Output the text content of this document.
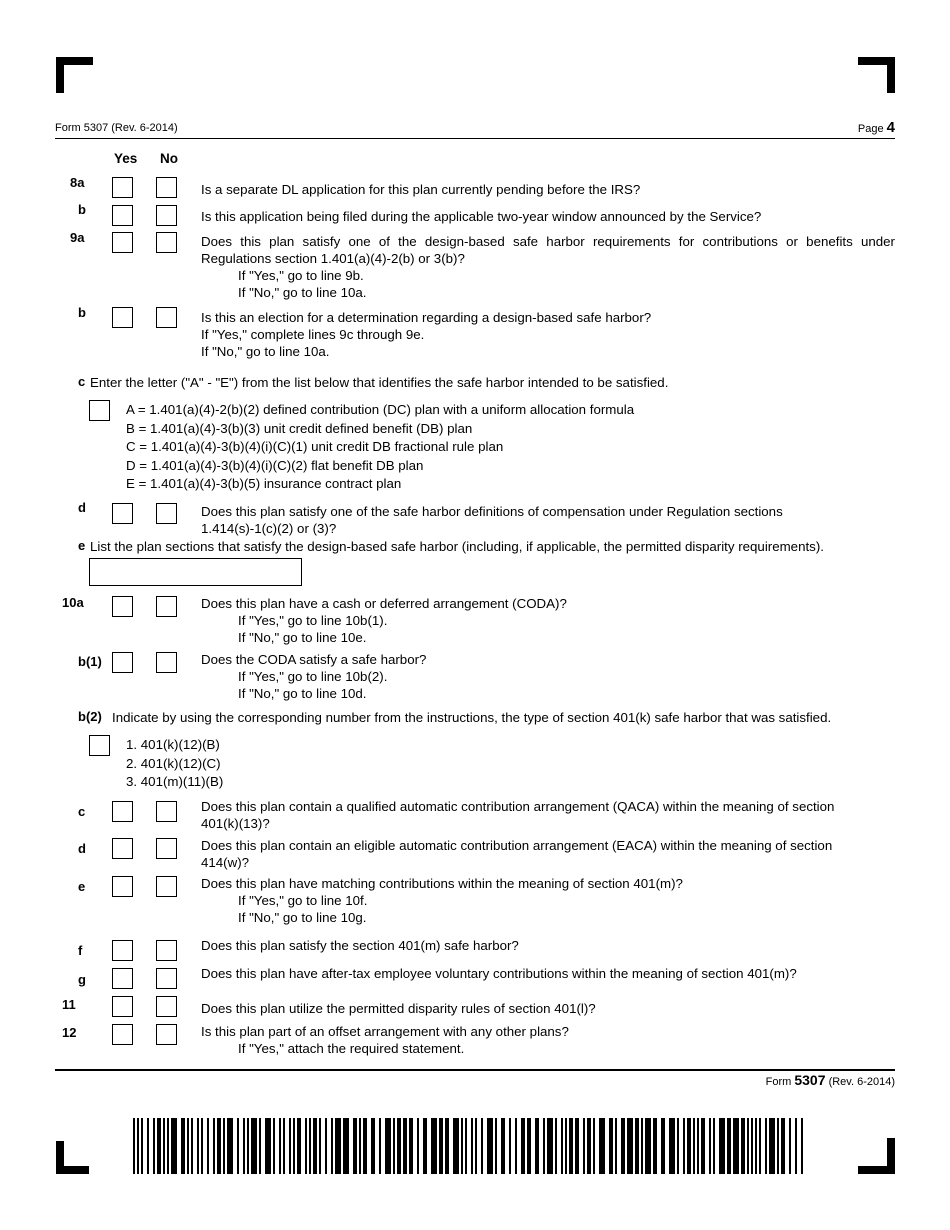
Form 5307 (Rev. 6-2014)	Page 4
Yes No
8a	Is a separate DL application for this plan currently pending before the IRS?
b	Is this application being filed during the applicable two-year window announced by the Service?
9a	Does this plan satisfy one of the design-based safe harbor requirements for contributions or benefits under Regulations section 1.401(a)(4)-2(b) or 3(b)?
If "Yes," go to line 9b.
If "No," go to line 10a.
b	Is this an election for a determination regarding a design-based safe harbor?
If "Yes," complete lines 9c through 9e.
If "No," go to line 10a.
c Enter the letter ("A" - "E") from the list below that identifies the safe harbor intended to be satisfied.
A = 1.401(a)(4)-2(b)(2) defined contribution (DC) plan with a uniform allocation formula
B = 1.401(a)(4)-3(b)(3) unit credit defined benefit (DB) plan
C = 1.401(a)(4)-3(b)(4)(i)(C)(1) unit credit DB fractional rule plan
D = 1.401(a)(4)-3(b)(4)(i)(C)(2) flat benefit DB plan
E = 1.401(a)(4)-3(b)(5) insurance contract plan
d	Does this plan satisfy one of the safe harbor definitions of compensation under Regulation sections 1.414(s)-1(c)(2) or (3)?
e List the plan sections that satisfy the design-based safe harbor (including, if applicable, the permitted disparity requirements).
10a	Does this plan have a cash or deferred arrangement (CODA)?
If "Yes," go to line 10b(1).
If "No," go to line 10e.
b(1)	Does the CODA satisfy a safe harbor?
If "Yes," go to line 10b(2).
If "No," go to line 10d.
b(2) Indicate by using the corresponding number from the instructions, the type of section 401(k) safe harbor that was satisfied.
1. 401(k)(12)(B)
2. 401(k)(12)(C)
3. 401(m)(11)(B)
c	Does this plan contain a qualified automatic contribution arrangement (QACA) within the meaning of section 401(k)(13)?
d	Does this plan contain an eligible automatic contribution arrangement (EACA) within the meaning of section 414(w)?
e	Does this plan have matching contributions within the meaning of section 401(m)?
If "Yes," go to line 10f.
If "No," go to line 10g.
f	Does this plan satisfy the section 401(m) safe harbor?
g	Does this plan have after-tax employee voluntary contributions within the meaning of section 401(m)?
11	Does this plan utilize the permitted disparity rules of section 401(l)?
12	Is this plan part of an offset arrangement with any other plans?
If "Yes," attach the required statement.
Form 5307 (Rev. 6-2014)
